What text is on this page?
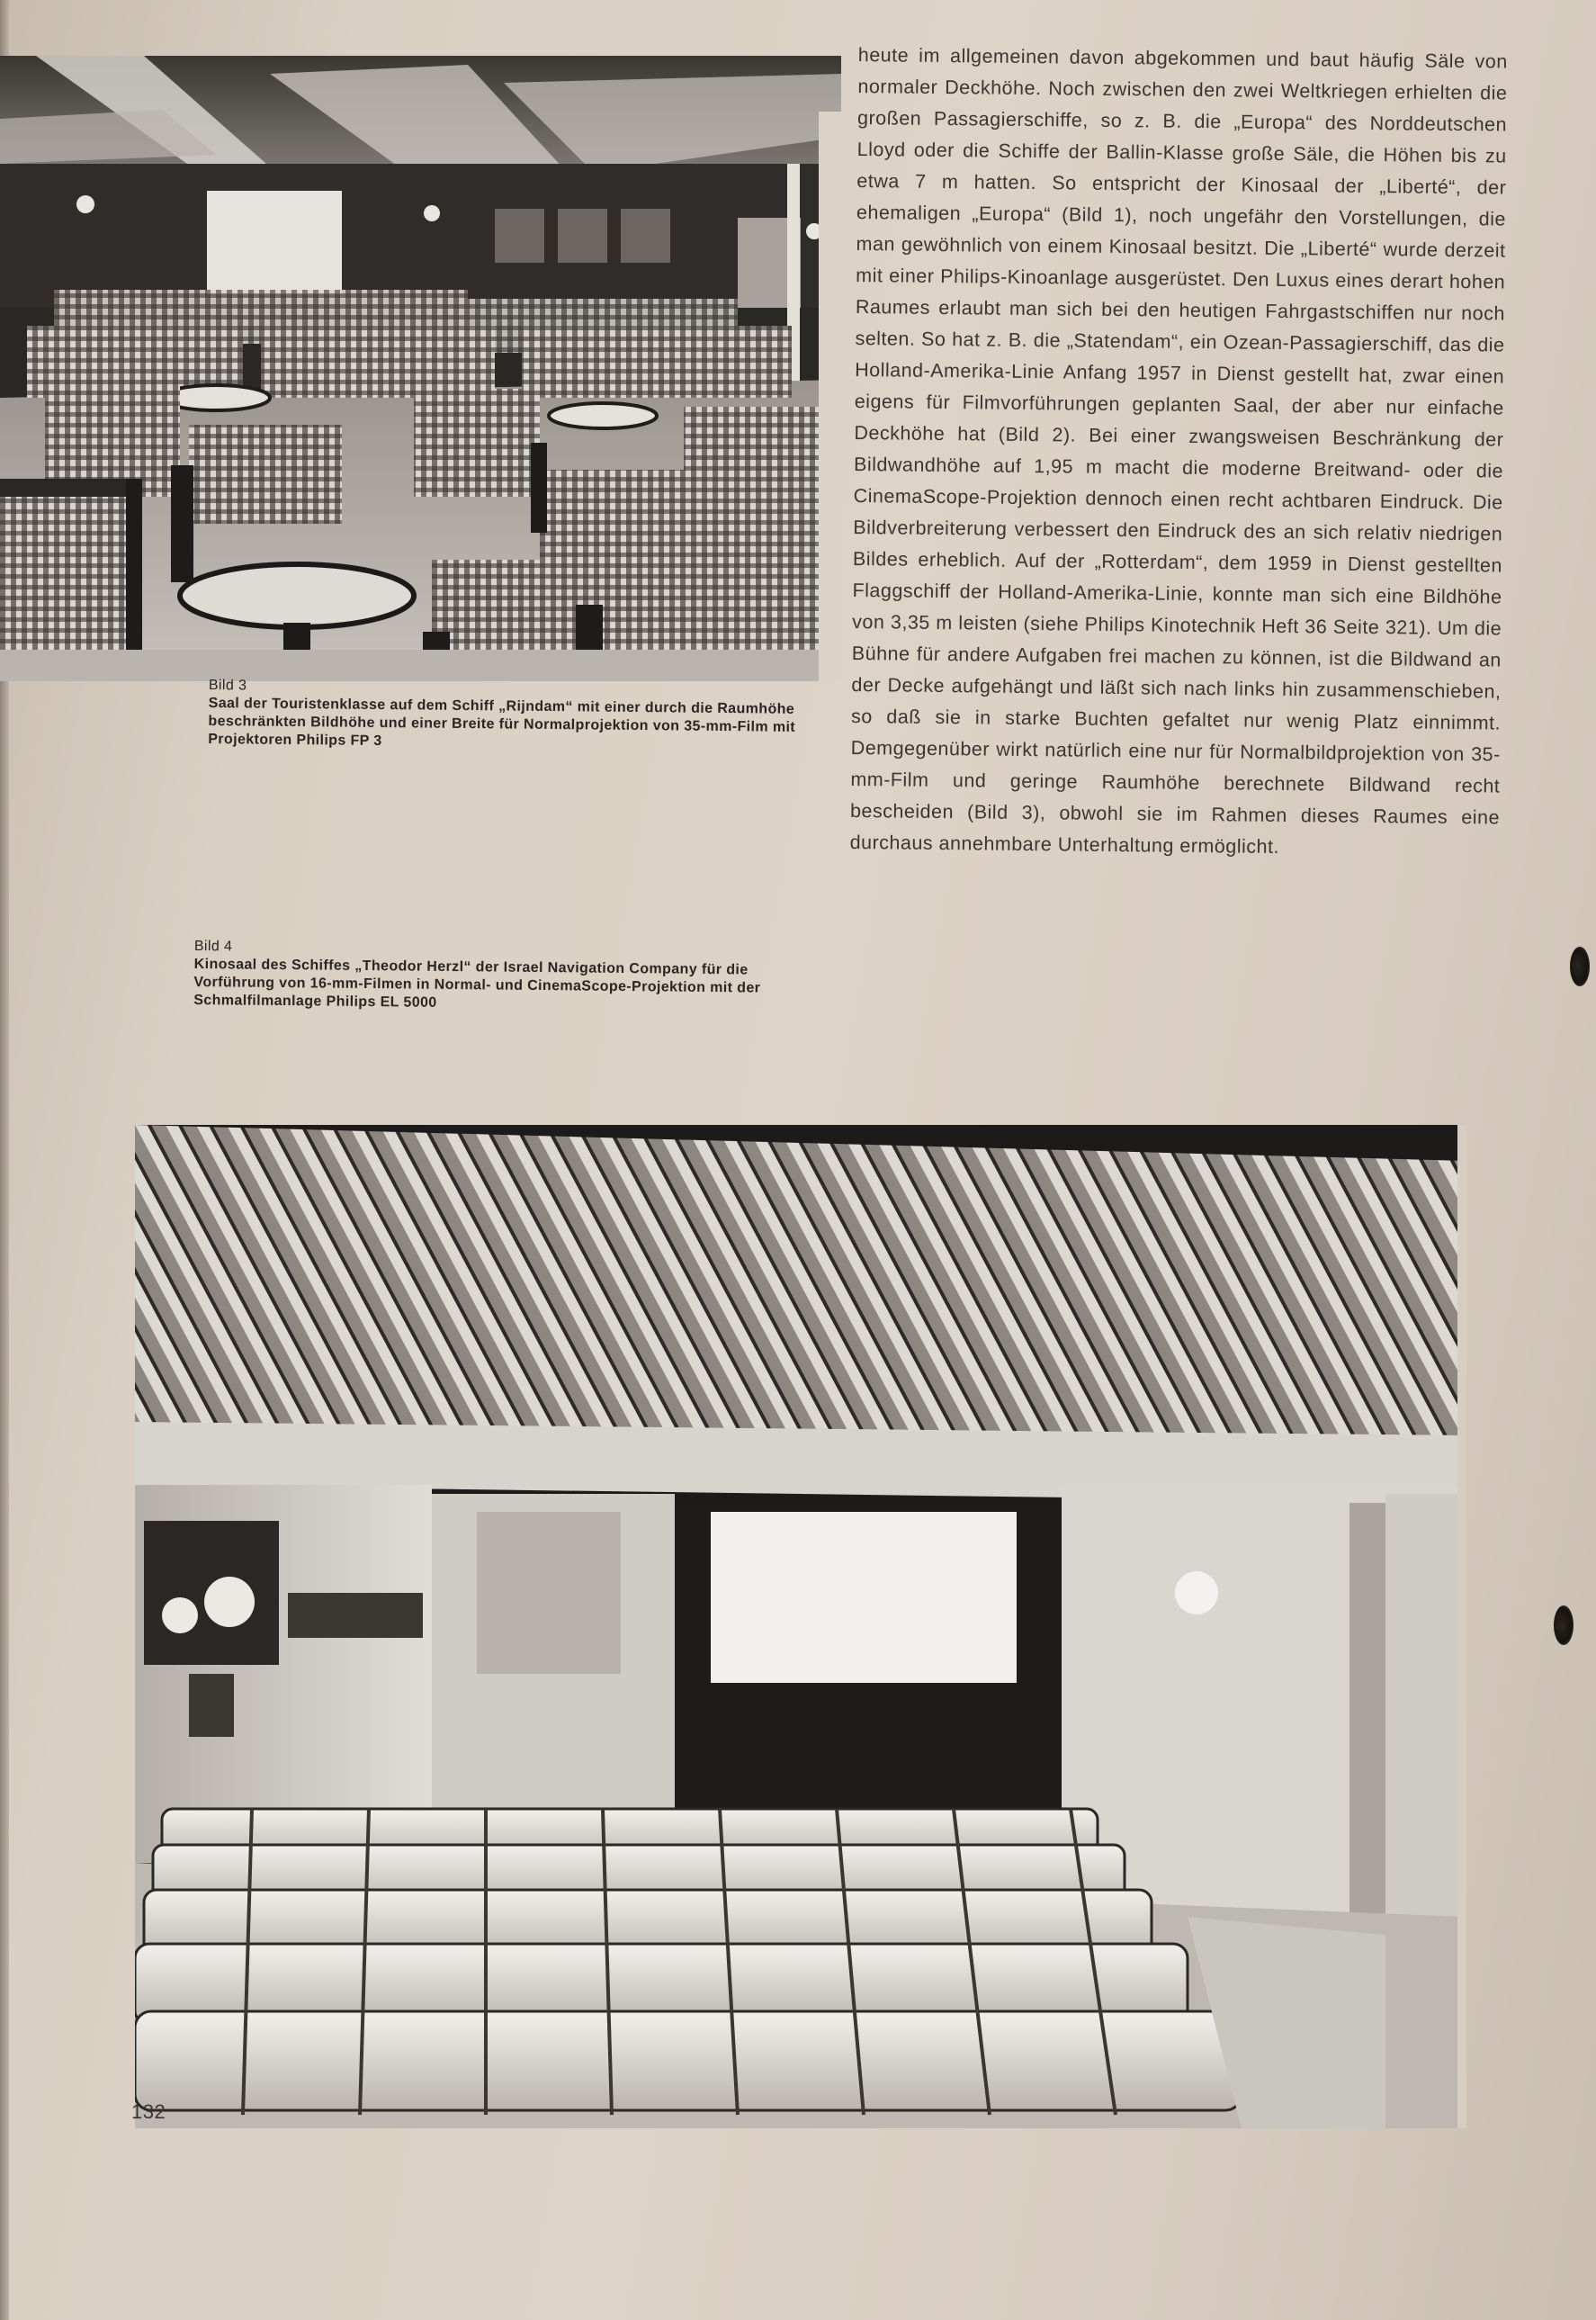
Bild 3
Saal der Touristenklasse auf dem Schiff „Rijndam“ mit einer durch die Raumhöhe beschränkten Bildhöhe und einer Breite für Normalprojektion von 35-mm-Film mit Projektoren Philips FP 3
Bild 4
Kinosaal des Schiffes „Theodor Herzl“ der Israel Navigation Company für die Vorführung von 16-mm-Filmen in Normal- und CinemaScope-Projektion mit der Schmalfilmanlage Philips EL 5000

heute im allgemeinen davon abgekommen und baut häufig Säle von normaler Deckhöhe. Noch zwischen den zwei Weltkriegen erhielten die großen Passagierschiffe, so z. B. die „Europa“ des Norddeutschen Lloyd oder die Schiffe der Ballin-Klasse große Säle, die Höhen bis zu etwa 7 m hatten. So entspricht der Kinosaal der „Liberté“, der ehemaligen „Europa“ (Bild 1), noch ungefähr den Vorstellungen, die man gewöhnlich von einem Kinosaal besitzt. Die „Liberté“ wurde derzeit mit einer Philips-Kinoanlage ausgerüstet. Den Luxus eines derart hohen Raumes erlaubt man sich bei den heutigen Fahrgastschiffen nur noch selten. So hat z. B. die „Statendam“, ein Ozean-Passagierschiff, das die Holland-Amerika-Linie Anfang 1957 in Dienst gestellt hat, zwar einen eigens für Filmvorführungen geplanten Saal, der aber nur einfache Deckhöhe hat (Bild 2). Bei einer zwangsweisen Beschränkung der Bildwandhöhe auf 1,95 m macht die moderne Breitwand- oder die CinemaScope-Projektion dennoch einen recht achtbaren Eindruck. Die Bildverbreiterung verbessert den Eindruck des an sich relativ niedrigen Bildes erheblich. Auf der „Rotterdam“, dem 1959 in Dienst gestellten Flaggschiff der Holland-Amerika-Linie, konnte man sich eine Bildhöhe von 3,35 m leisten (siehe Philips Kinotechnik Heft 36 Seite 321). Um die Bühne für andere Aufgaben frei machen zu können, ist die Bildwand an der Decke aufgehängt und läßt sich nach links hin zusammenschieben, so daß sie in starke Buchten gefaltet nur wenig Platz einnimmt. Demgegenüber wirkt natürlich eine nur für Normalbildprojektion von 35-mm-Film und geringe Raumhöhe berechnete Bildwand recht bescheiden (Bild 3), obwohl sie im Rahmen dieses Raumes eine durchaus annehmbare Unterhaltung ermöglicht.

132
